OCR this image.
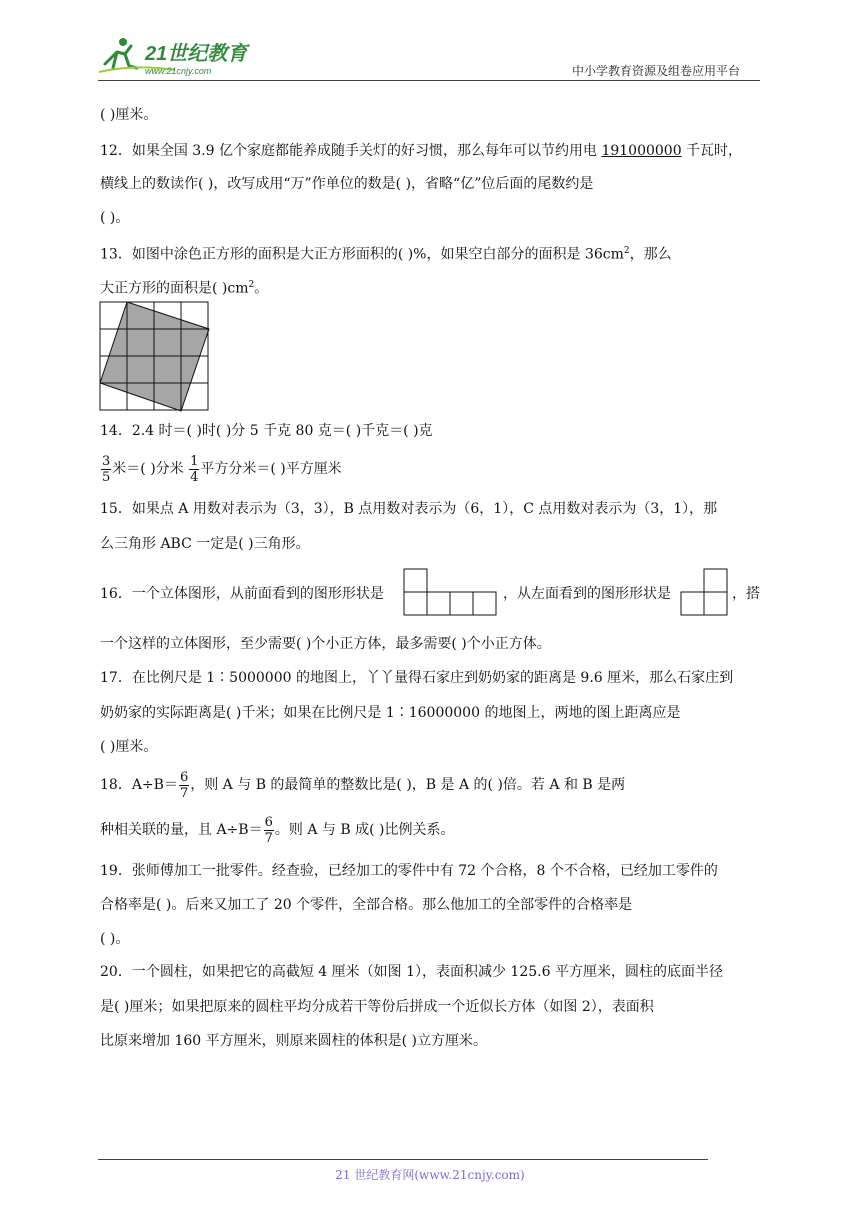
21世纪教育
www.21cnjy.com	中小学教育资源及组卷应用平台
( )厘米。
12．如果全国 3.9 亿个家庭都能养成随手关灯的好习惯，那么每年可以节约用电 191000000 千瓦时，
横线上的数读作( )，改写成用“万”作单位的数是( )，省略“亿”位后面的尾数约是
( )。
13．如图中涂色正方形的面积是大正方形面积的( )%，如果空白部分的面积是 $36cm^2$，那么
大正方形的面积是( )$cm^2$。
14．2.4 时＝( )时( )分 5 千克 80 克＝( )千克＝( )克
$\frac{3}{5}$ 米＝( )分米 $\frac{1}{4}$ 平方分米＝( )平方厘米
15．如果点 A 用数对表示为（3，3），B 点用数对表示为（6，1），C 点用数对表示为（3，1），那
么三角形 ABC 一定是( )三角形。
16．一个立体图形，从前面看到的图形形状是	，从左面看到的图形形状是	，搭
一个这样的立体图形，至少需要( )个小正方体，最多需要( )个小正方体。
17．在比例尺是 1∶5000000 的地图上，丫丫量得石家庄到奶奶家的距离是 9.6 厘米，那么石家庄到
奶奶家的实际距离是( )千米；如果在比例尺是 1∶16000000 的地图上，两地的图上距离应是
( )厘米。
18．$A\div B= \frac{6}{7}$ ，则 A 与 B 的最简单的整数比是( )，B 是 A 的( )倍。若 A 和 B 是两
种相关联的量，且 $A\div B= \frac{6}{7}$ 。则 A 与 B 成( )比例关系。
19．张师傅加工一批零件。经查验，已经加工的零件中有 72 个合格，8 个不合格，已经加工零件的
合格率是( )。后来又加工了 20 个零件，全部合格。那么他加工的全部零件的合格率是
( )。
20．一个圆柱，如果把它的高截短 4 厘米（如图 1），表面积减少 125.6 平方厘米，圆柱的底面半径
是( )厘米；如果把原来的圆柱平均分成若干等份后拼成一个近似长方体（如图 2），表面积
比原来增加 160 平方厘米，则原来圆柱的体积是( )立方厘米。
21 世纪教育网(www.21cnjy.com)
